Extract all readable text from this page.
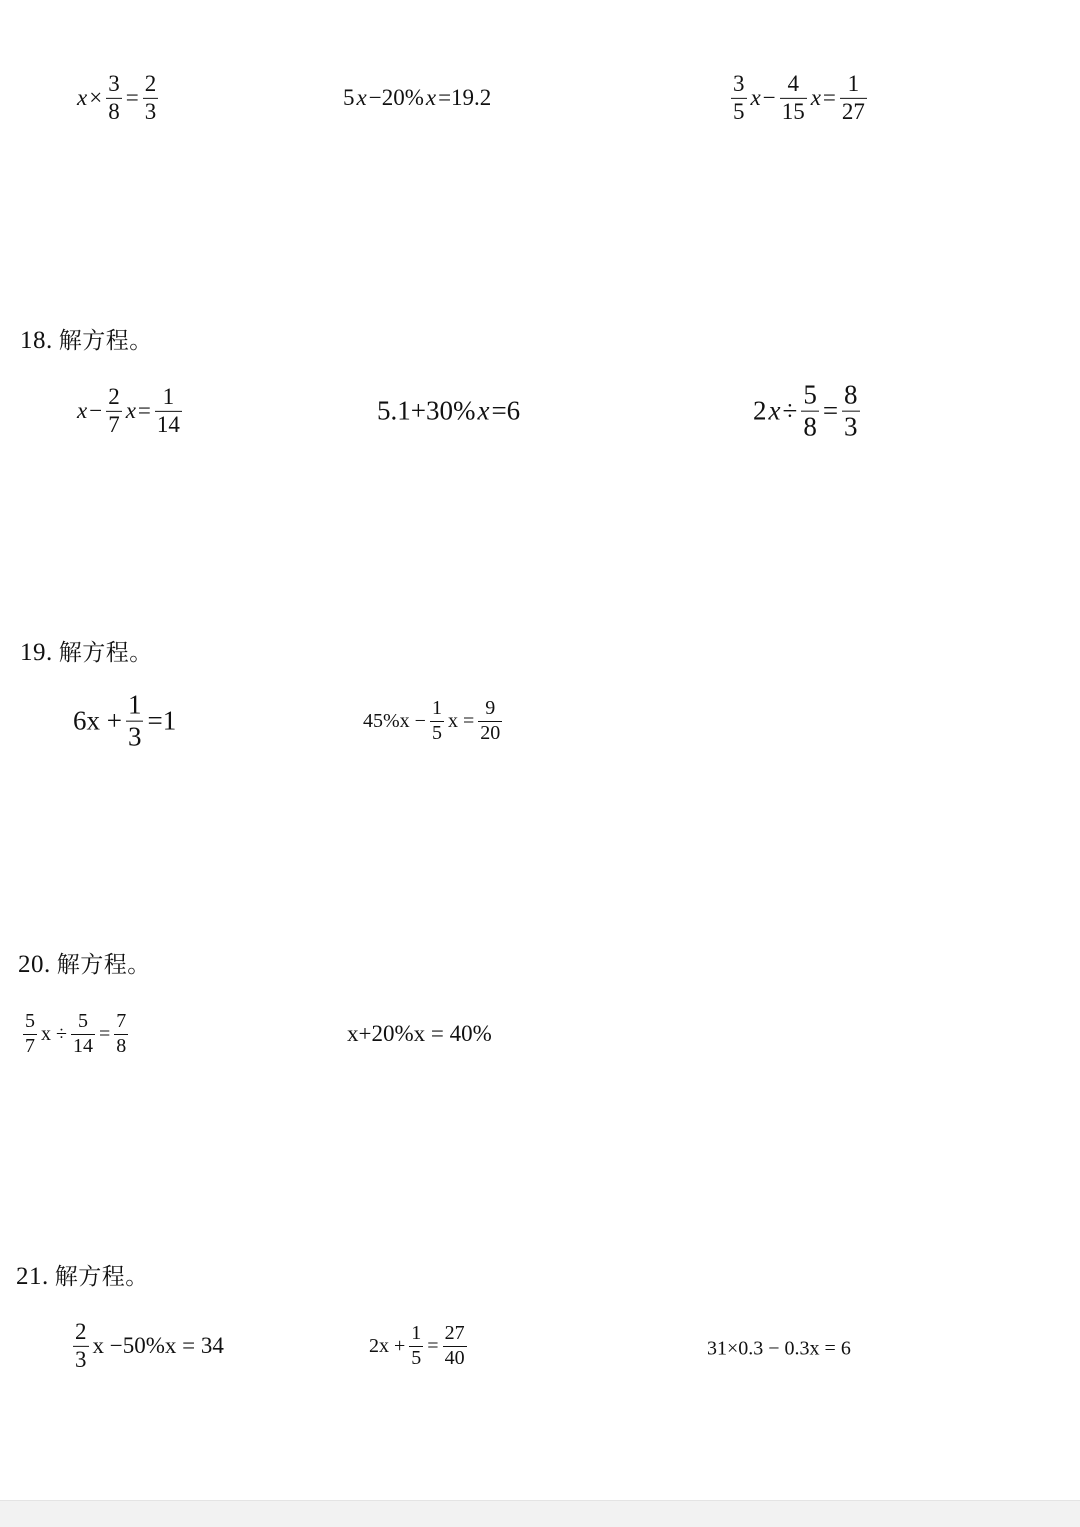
$x \times \frac{3}{8} = \frac{2}{3}$	5 x −20% x =19.2	$\frac{3}{5}$ $x - \frac{4}{15}$ $x = \frac{1}{27}$
18. 解方程。
$x - \frac{2}{7}$ $x = \frac{1}{14}$	5.1+30% x =6	2 $x \div \frac{5}{8} = \frac{8}{3}$
19. 解方程。
$6x + \frac{1}{3} =1$	$45\%x - \frac{1}{5}$ $x = \frac{9}{20}$
20. 解方程。
$\frac{5}{7}$ $x \div \frac{5}{14} = \frac{7}{8}$	x+20%x = 40%
21. 解方程。
$\frac{2}{3}$ x −50%x = 34	$2x + \frac{1}{5} = \frac{27}{40}$	31×0.3 − 0.3x = 6
